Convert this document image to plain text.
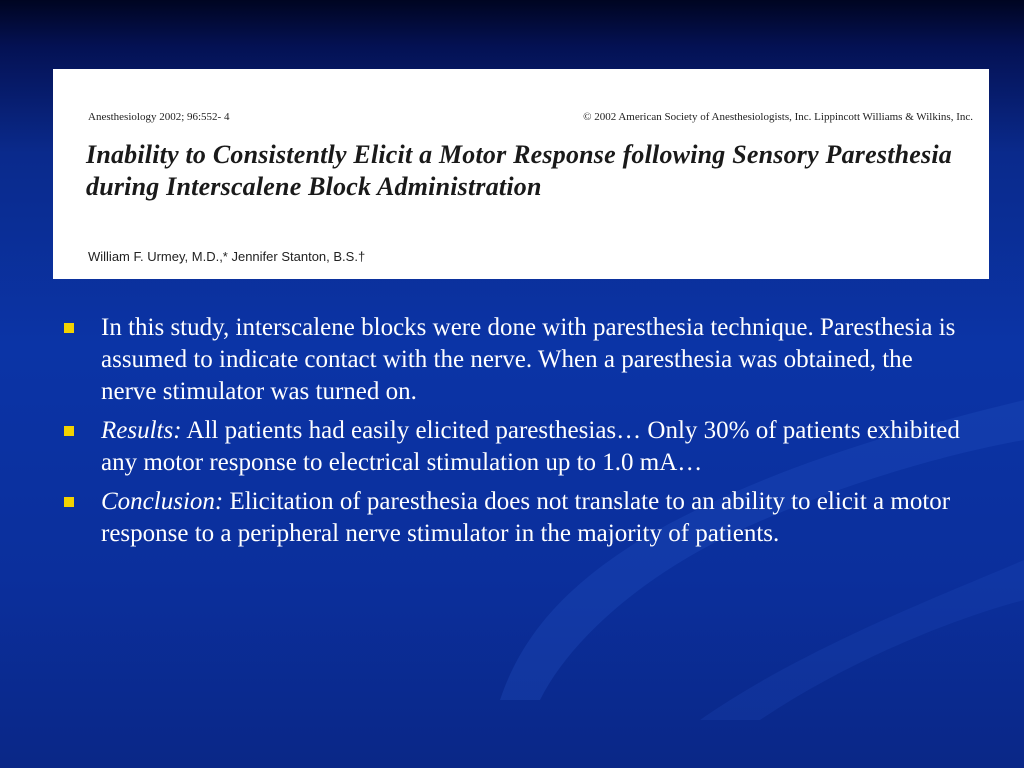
Anesthesiology 2002; 96:552- 4	© 2002 American Society of Anesthesiologists, Inc. Lippincott Williams & Wilkins, Inc.
Inability to Consistently Elicit a Motor Response following Sensory Paresthesia during Interscalene Block Administration
William F. Urmey, M.D.,* Jennifer Stanton, B.S.†
In this study, interscalene blocks were done with paresthesia technique. Paresthesia is assumed to indicate contact with the nerve. When a paresthesia was obtained, the nerve stimulator was turned on.
Results: All patients had easily elicited paresthesias… Only 30% of patients exhibited any motor response to electrical stimulation up to 1.0 mA…
Conclusion: Elicitation of paresthesia does not translate to an ability to elicit a motor response to a peripheral nerve stimulator in the majority of patients.
